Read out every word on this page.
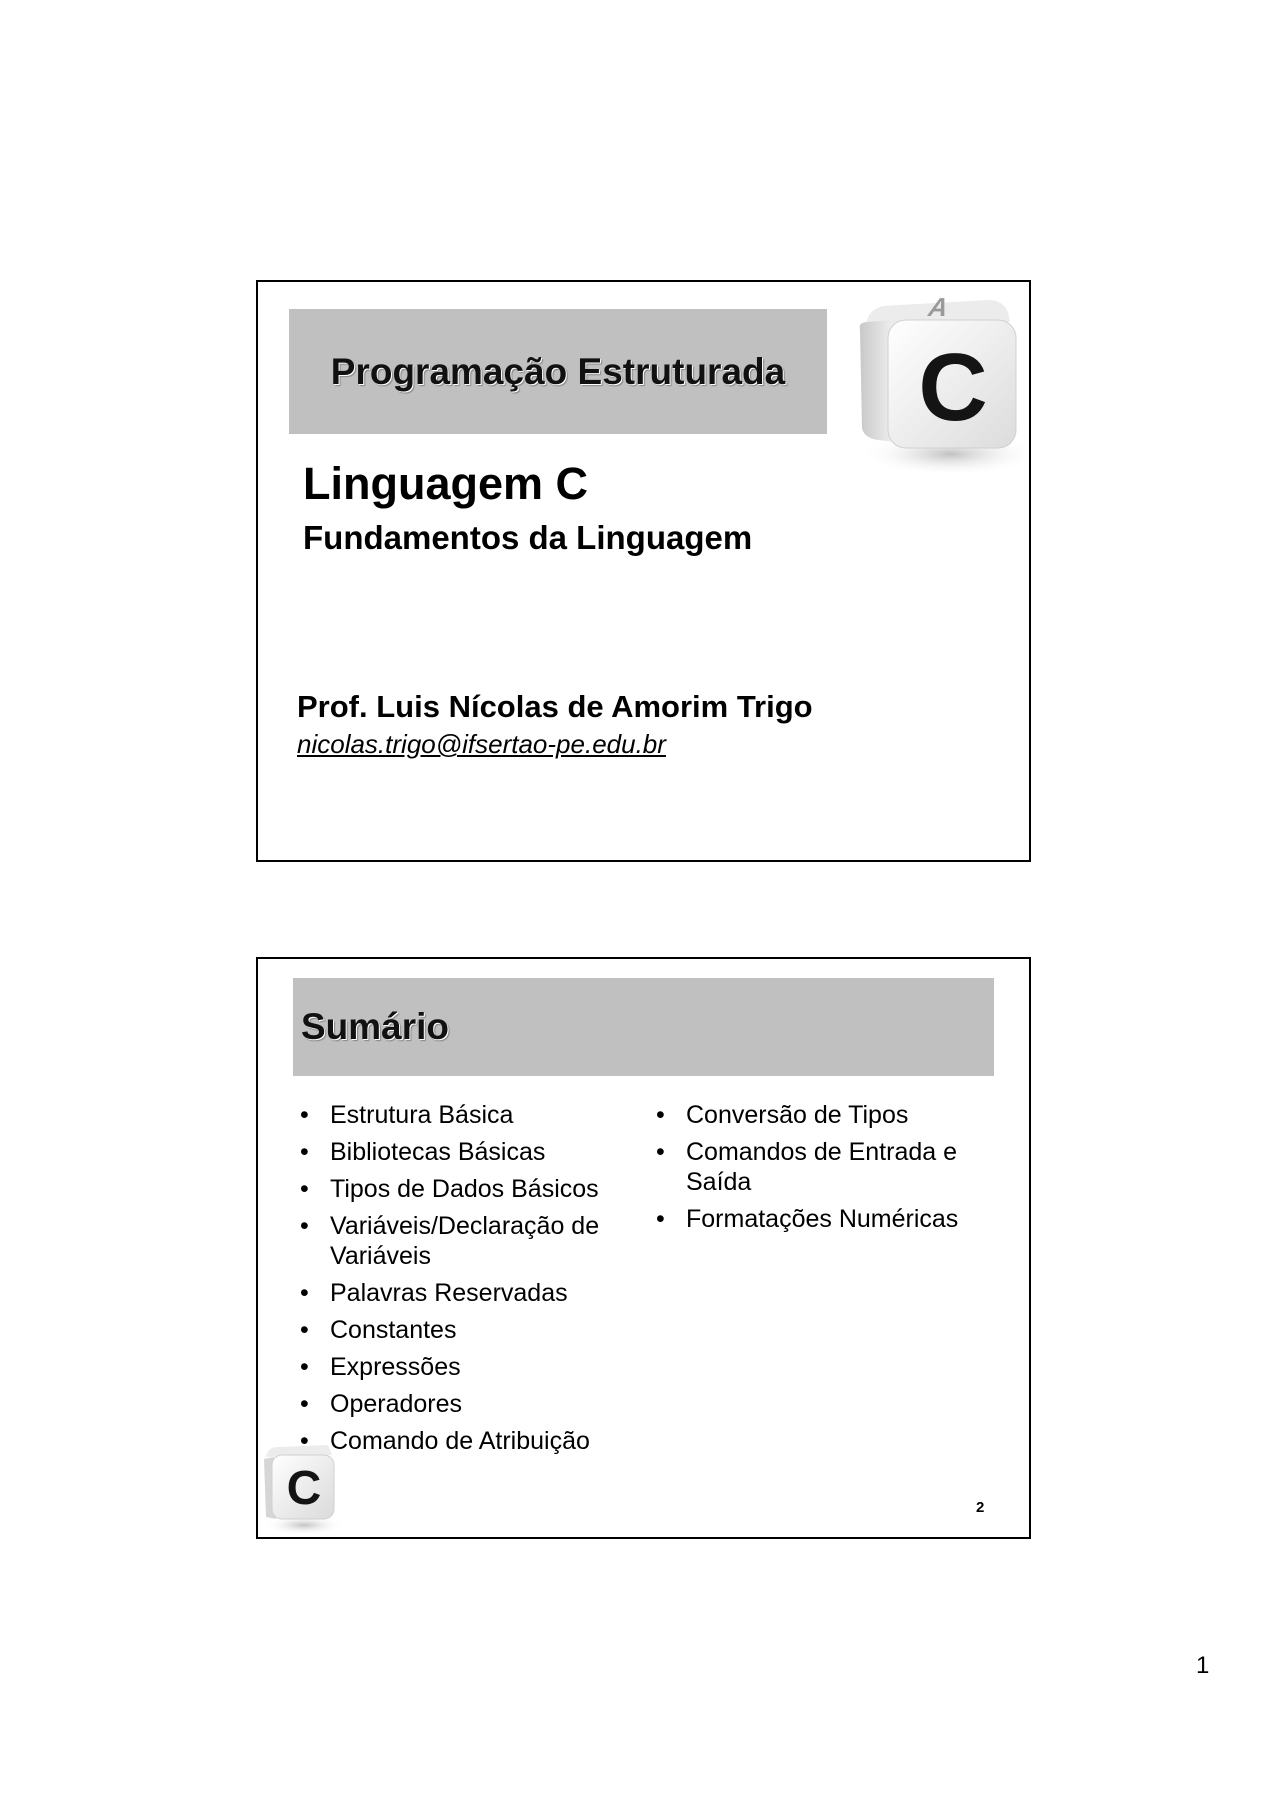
Programação Estruturada
A
C
Linguagem C
Fundamentos da Linguagem
Prof. Luis Nícolas de Amorim Trigo
nicolas.trigo@ifsertao-pe.edu.br
Sumário
• Estrutura Básica
• Bibliotecas Básicas
• Tipos de Dados Básicos
• Variáveis/Declaração de Variáveis
• Palavras Reservadas
• Constantes
• Expressões
• Operadores
• Comando de Atribuição
• Conversão de Tipos
• Comandos de Entrada e Saída
• Formatações Numéricas
C	2
1
